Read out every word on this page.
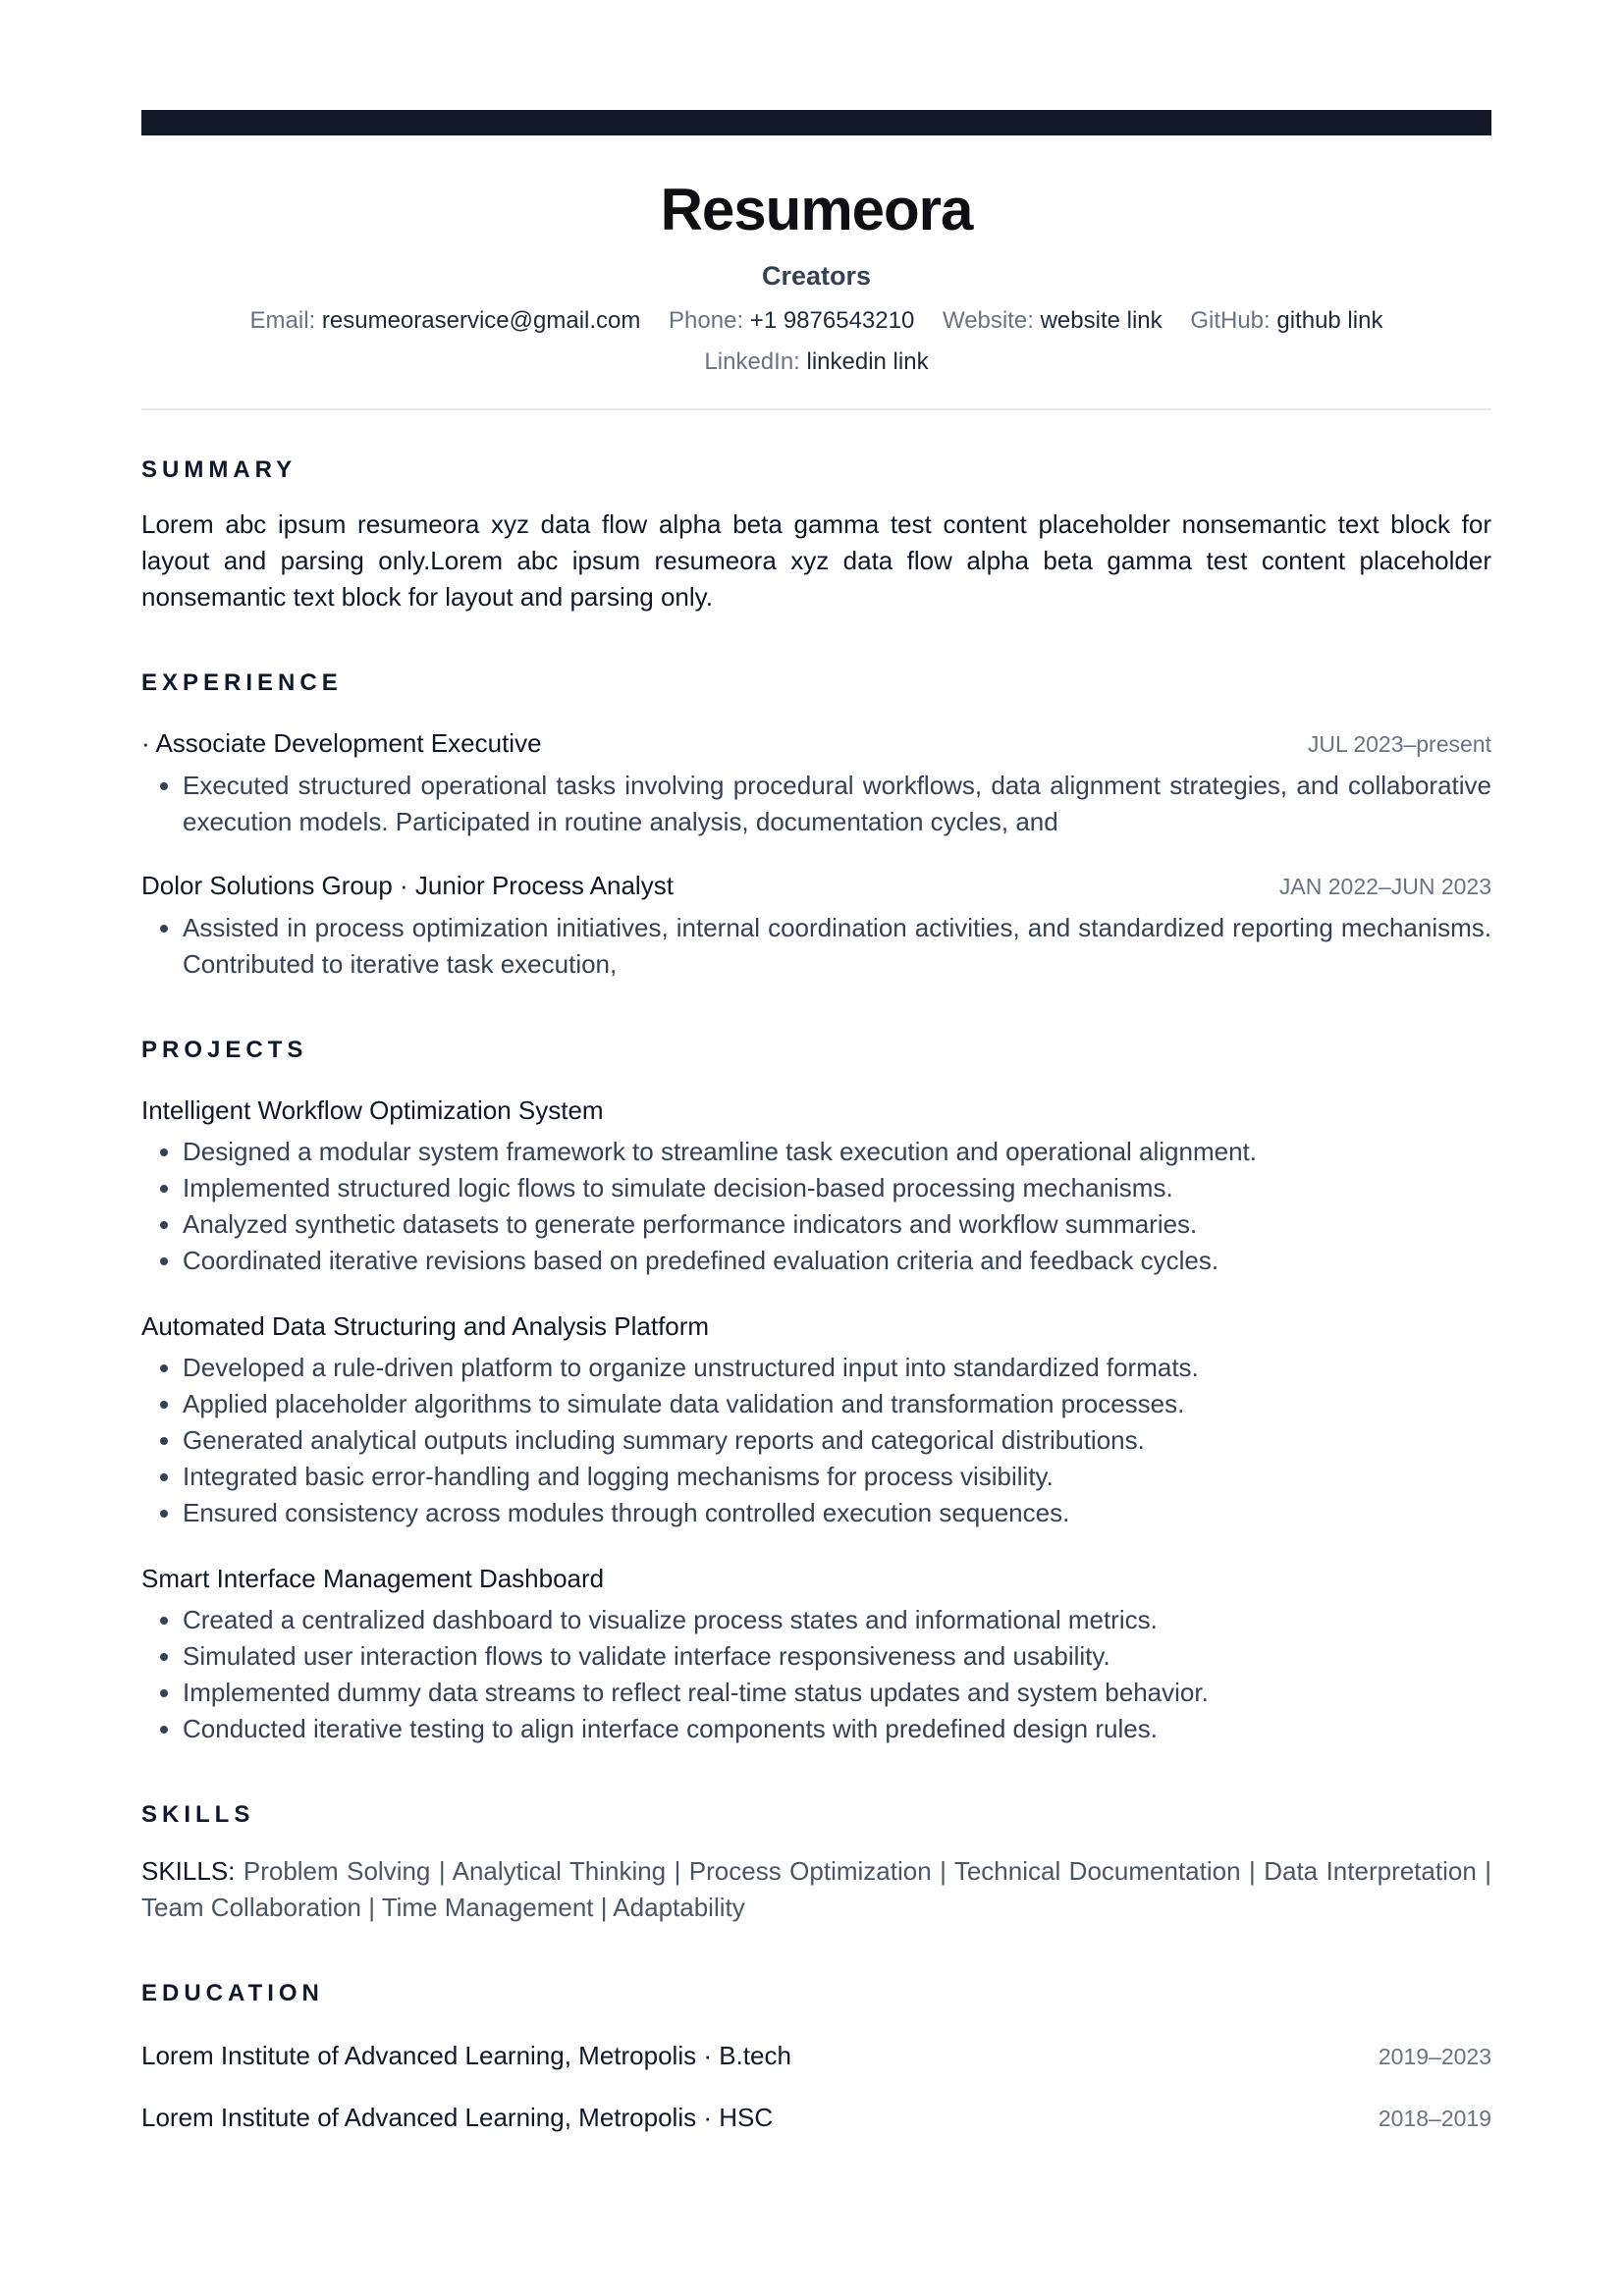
Resumeora
Creators
Email: resumeoraservice@gmail.com Phone: +1 9876543210 Website: website link GitHub: github link
LinkedIn: linkedin link
SUMMARY
Lorem abc ipsum resumeora xyz data flow alpha beta gamma test content placeholder nonsemantic text block for layout and parsing only.Lorem abc ipsum resumeora xyz data flow alpha beta gamma test content placeholder nonsemantic text block for layout and parsing only.
EXPERIENCE
· Associate Development Executive	JUL 2023–present
• Executed structured operational tasks involving procedural workflows, data alignment strategies, and collaborative execution models. Participated in routine analysis, documentation cycles, and
Dolor Solutions Group · Junior Process Analyst	JAN 2022–JUN 2023
• Assisted in process optimization initiatives, internal coordination activities, and standardized reporting mechanisms. Contributed to iterative task execution,
PROJECTS
Intelligent Workflow Optimization System
• Designed a modular system framework to streamline task execution and operational alignment.
• Implemented structured logic flows to simulate decision-based processing mechanisms.
• Analyzed synthetic datasets to generate performance indicators and workflow summaries.
• Coordinated iterative revisions based on predefined evaluation criteria and feedback cycles.
Automated Data Structuring and Analysis Platform
• Developed a rule-driven platform to organize unstructured input into standardized formats.
• Applied placeholder algorithms to simulate data validation and transformation processes.
• Generated analytical outputs including summary reports and categorical distributions.
• Integrated basic error-handling and logging mechanisms for process visibility.
• Ensured consistency across modules through controlled execution sequences.
Smart Interface Management Dashboard
• Created a centralized dashboard to visualize process states and informational metrics.
• Simulated user interaction flows to validate interface responsiveness and usability.
• Implemented dummy data streams to reflect real-time status updates and system behavior.
• Conducted iterative testing to align interface components with predefined design rules.
SKILLS
SKILLS: Problem Solving | Analytical Thinking | Process Optimization | Technical Documentation | Data Interpretation | Team Collaboration | Time Management | Adaptability
EDUCATION
Lorem Institute of Advanced Learning, Metropolis · B.tech	2019–2023
Lorem Institute of Advanced Learning, Metropolis · HSC	2018–2019
